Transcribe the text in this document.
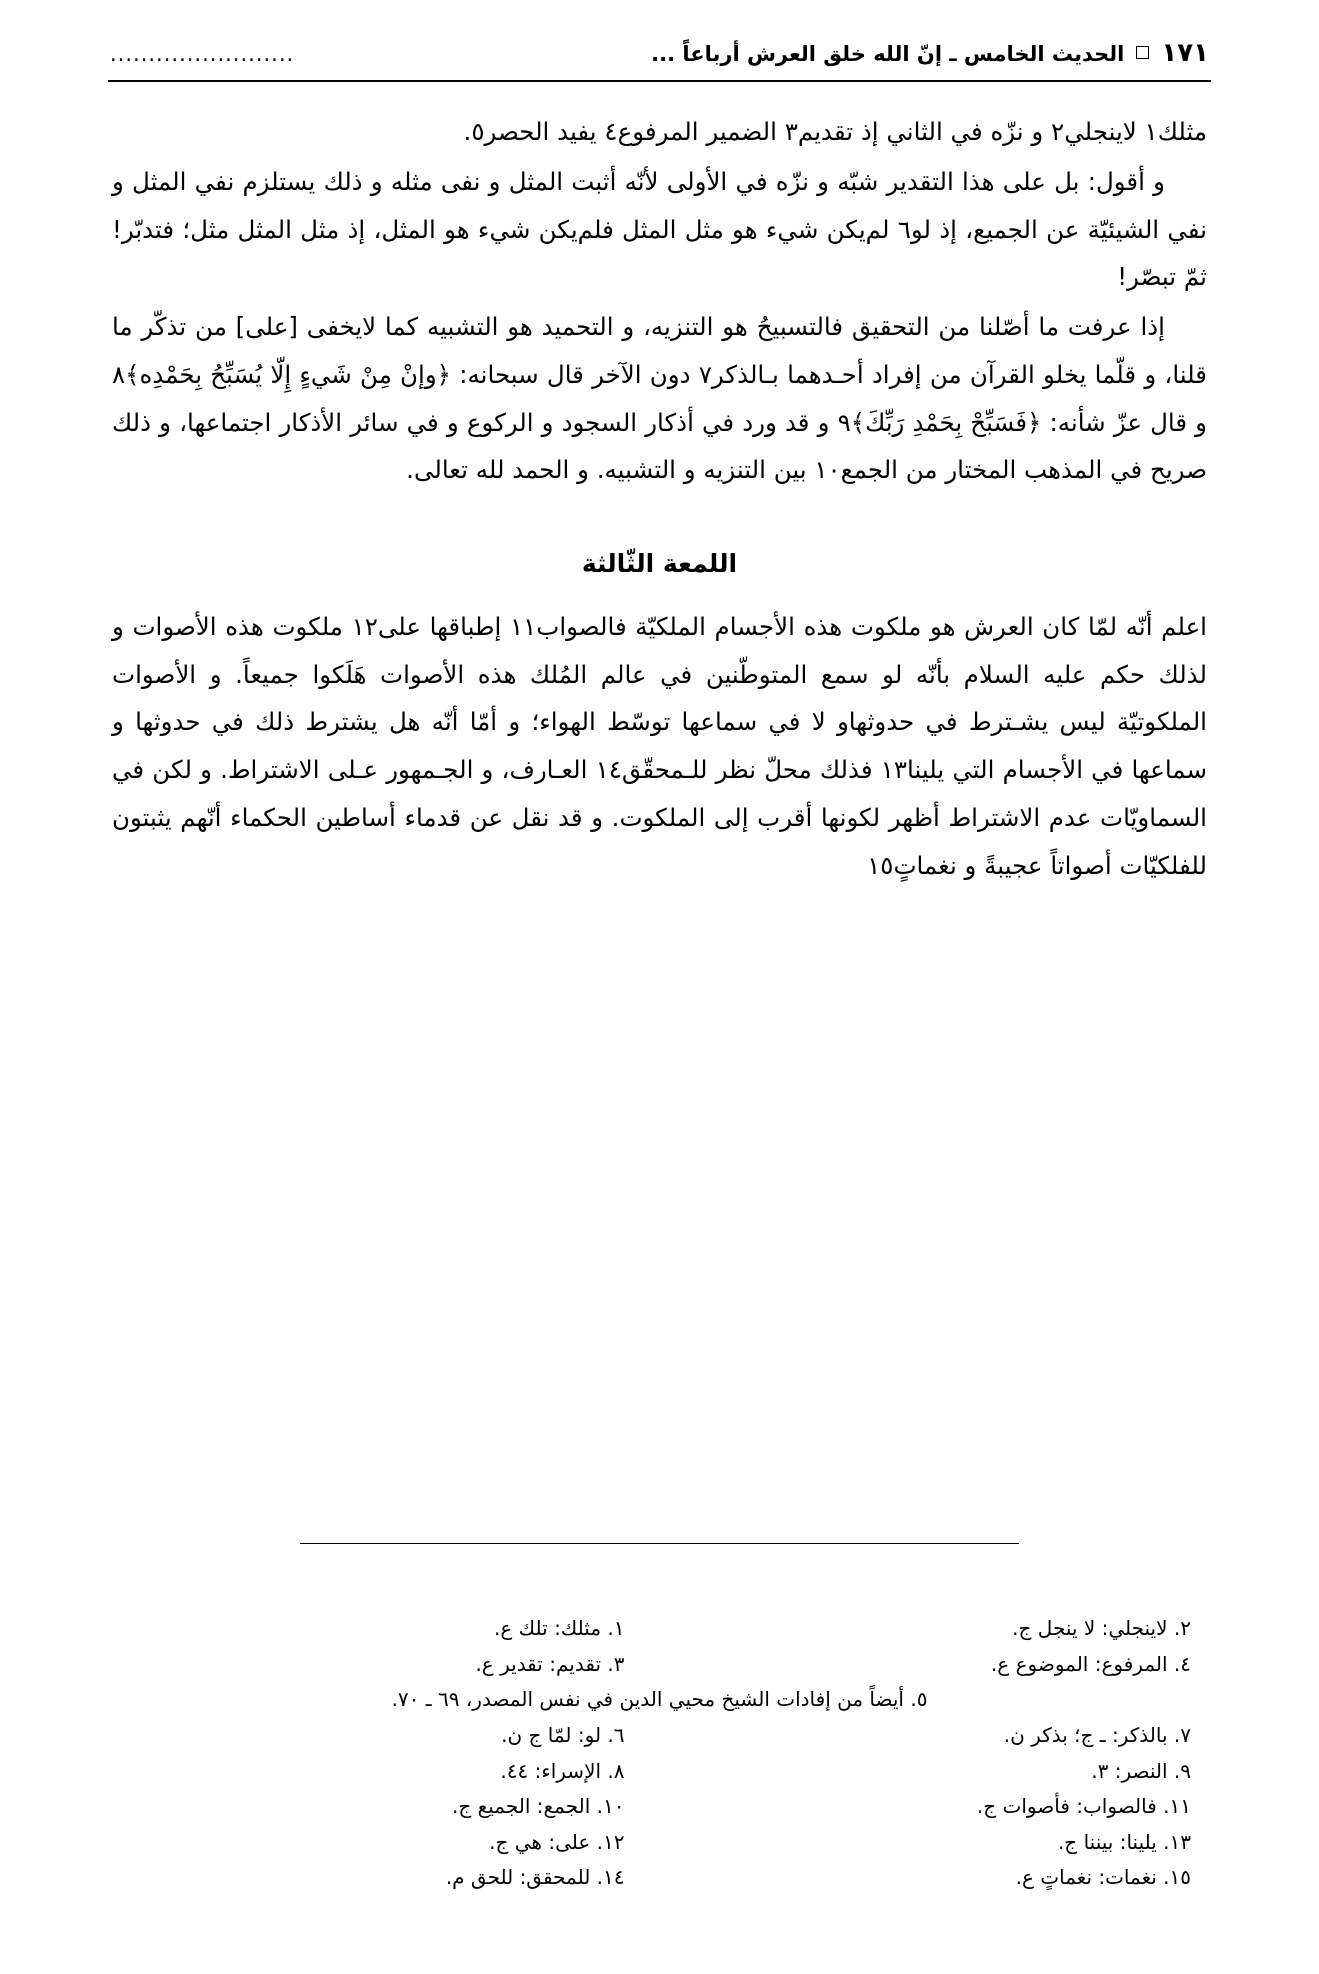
١٧١
الحديث الخامس ـ إنّ الله خلق العرش أرباعاً ...
........................

مثلك١ لاينجلي٢ و نزّه في الثاني إذ تقديم٣ الضمير المرفوع٤ يفيد الحصر٥.

و أقول: بل على هذا التقدير شبّه و نزّه في الأولى لأنّه أثبت المثل و نفى مثله و ذلك يستلزم نفي المثل و نفي الشيئيّة عن الجميع، إذ لو٦ لم‌يكن شيء هو مثل المثل فلم‌يكن شيء هو المثل، إذ مثل المثل مثل؛ فتدبّر! ثمّ تبصّر!

إذا عرفت ما أصّلنا من التحقيق فالتسبيحُ هو التنزيه، و التحميد هو التشبيه كما لايخفى [على] من تذكّر ما قلنا، و قلّما يخلو القرآن من إفراد أحـدهما بـالذكر٧ دون الآخر قال سبحانه: ﴿و‌إنْ مِنْ شَيءٍ إِلّا يُسَبِّحُ بِحَمْدِه﴾٨ و قال عزّ شأنه: ﴿فَسَبِّحْ بِحَمْدِ رَبِّكَ﴾٩ و قد ورد في أذكار السجود و الركوع و في سائر الأذكار اجتماعها، و ذلك صريح في المذهب المختار من الجمع١٠ بين التنزيه و التشبيه. و الحمد لله تعالى.

اللمعة الثّالثة

اعلم أنّه لمّا كان العرش هو ملكوت هذه الأجسام الملكيّة فالصواب١١ إطباقها على١٢ ملكوت هذه الأصوات و لذلك حكم عليه السلام بأنّه لو سمع المتوطّنين في عالم المُلك هذه الأصوات هَلَكوا جميعاً. و الأصوات الملكوتيّة ليس يشـترط في حدوثها‌و لا في سماعها توسّط الهواء؛ و أمّا أنّه هل يشترط ذلك في حدوثها و سماعها في الأجسام التي يلينا١٣ فذلك محلّ نظر للـمحقّق١٤ العـارف، و الجـمهور عـلى الاشتراط. و لكن في السماويّات عدم الاشتراط أظهر لكونها أقرب إلى الملكوت. و قد نقل عن قدماء أساطين الحكماء أنّهم يثبتون للفلكيّات أصواتاً عجيبةً و نغماتٍ١٥

٢. لاينجلي: لا ينجل ج.
١. مثلك: تلك ع.
٤. المرفوع: الموضوع ع.
٣. تقديم: تقدير ع.
٥. أيضاً من إفادات الشيخ محيي الدين في نفس المصدر، ٦٩ ـ ٧٠.
٧. بالذكر: ـ ج؛ بذكر ن.
٦. لو: لمّا ج ن.
٩. النصر: ٣.
٨. الإسراء: ٤٤.
١١. فالصواب: فأصوات ج.
١٠. الجمع: الجميع ج.
١٣. يلينا: بيننا ج.
١٢. على: هي ج.
١٥. نغمات: نغماتٍ ع.
١٤. للمحقق: للحق م.
